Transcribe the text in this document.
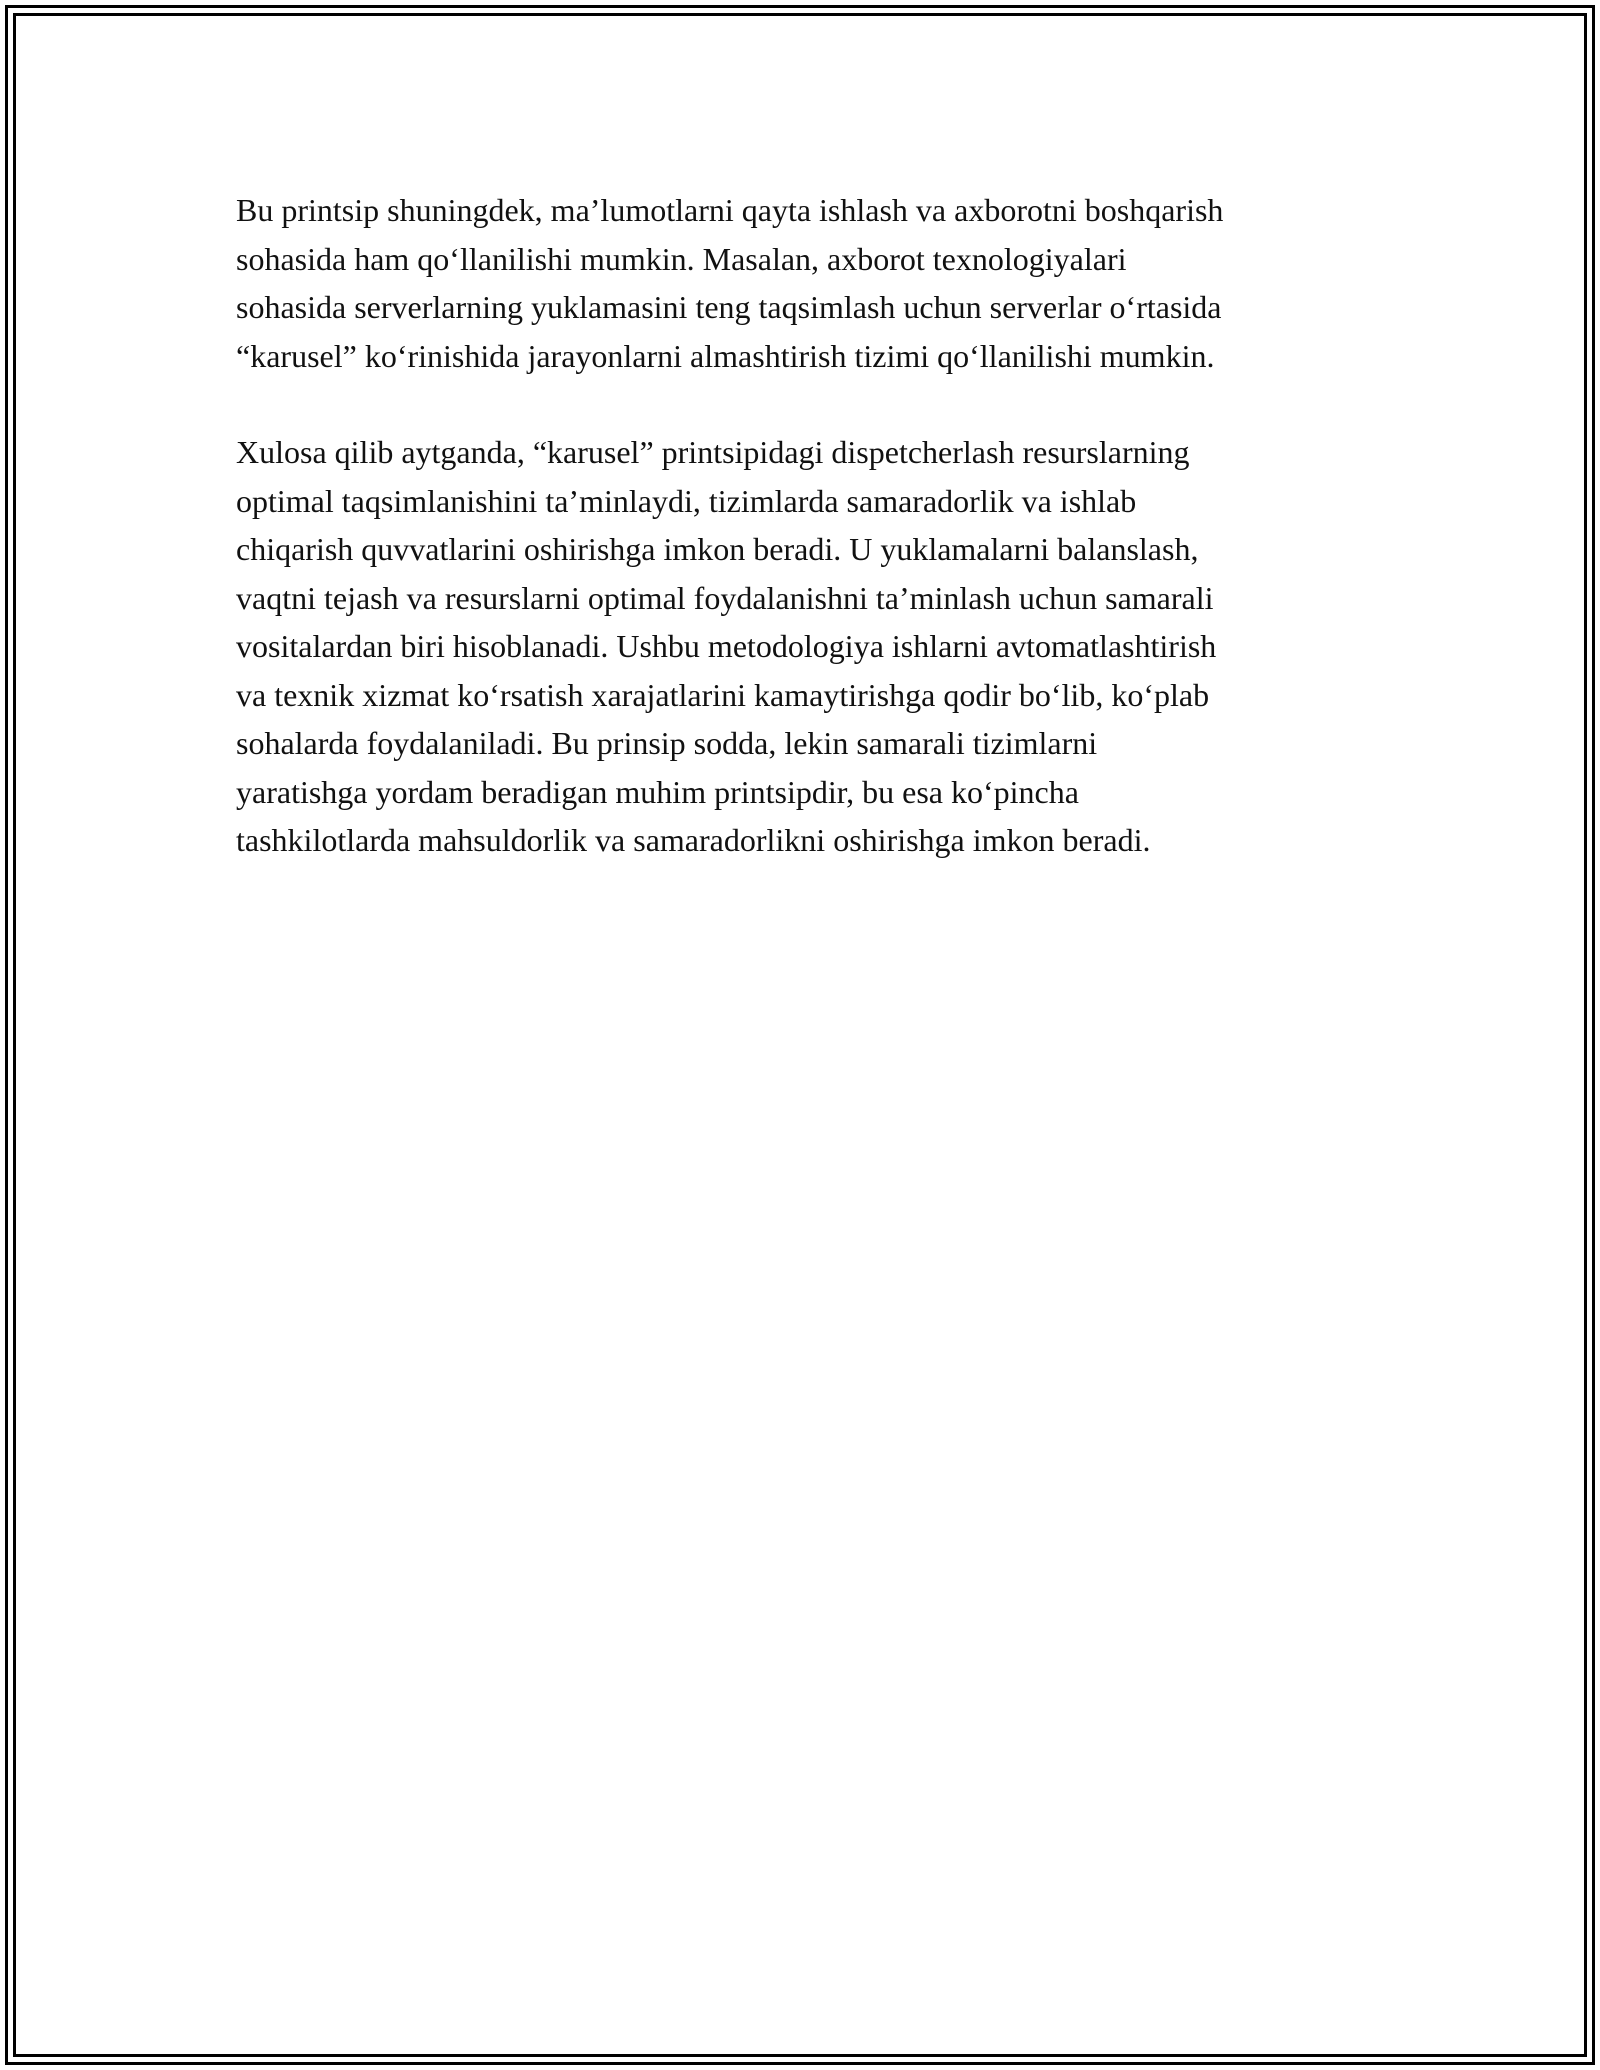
Bu printsip shuningdek, ma’lumotlarni qayta ishlash va axborotni boshqarish
sohasida ham qo‘llanilishi mumkin. Masalan, axborot texnologiyalari
sohasida serverlarning yuklamasini teng taqsimlash uchun serverlar o‘rtasida
“karusel” ko‘rinishida jarayonlarni almashtirish tizimi qo‘llanilishi mumkin.

Xulosa qilib aytganda, “karusel” printsipidagi dispetcherlash resurslarning
optimal taqsimlanishini ta’minlaydi, tizimlarda samaradorlik va ishlab
chiqarish quvvatlarini oshirishga imkon beradi. U yuklamalarni balanslash,
vaqtni tejash va resurslarni optimal foydalanishni ta’minlash uchun samarali
vositalardan biri hisoblanadi. Ushbu metodologiya ishlarni avtomatlashtirish
va texnik xizmat ko‘rsatish xarajatlarini kamaytirishga qodir bo‘lib, ko‘plab
sohalarda foydalaniladi. Bu prinsip sodda, lekin samarali tizimlarni
yaratishga yordam beradigan muhim printsipdir, bu esa ko‘pincha
tashkilotlarda mahsuldorlik va samaradorlikni oshirishga imkon beradi.
